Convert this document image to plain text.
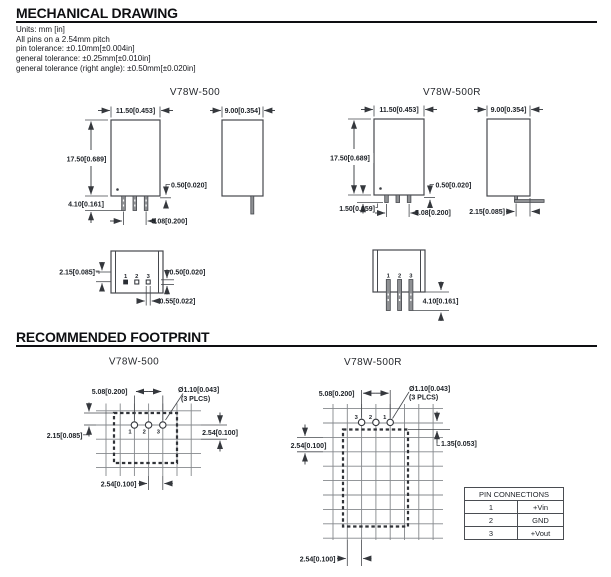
MECHANICAL DRAWING
Units: mm [in]
All pins on a 2.54mm pitch
pin tolerance: ±0.10mm[±0.004in]
general tolerance: ±0.25mm[±0.010in]
general tolerance (right angle): ±0.50mm[±0.020in]
RECOMMENDED FOOTPRINT
V78W-500	V78W-500R
V78W-500	V78W-500R
11.50[0.453]
17.50[0.689]
4.10[0.161]
0.50[0.020]
5.08[0.200]
9.00[0.354]	11.50[0.453]
17.50[0.689]
1.50[0.059]
5.08[0.200]
0.50[0.020]
9.00[0.354]
2.15[0.085]
1 2 3
2.15[0.085]	0.50[0.020]
0.55[0.022]
1 2 3
4.10[0.161]
1 2 3
5.08[0.200]	Ø1.10[0.043]
(3 PLCS)
2.15[0.085]	2.54[0.100]
2.54[0.100]
3 2 1
5.08[0.200]
Ø1.10[0.043]
(3 PLCS)
2.54[0.100]	1.35[0.053]
2.54[0.100]
PIN CONNECTIONS	
1	+Vin
2	GND
3	+Vout
